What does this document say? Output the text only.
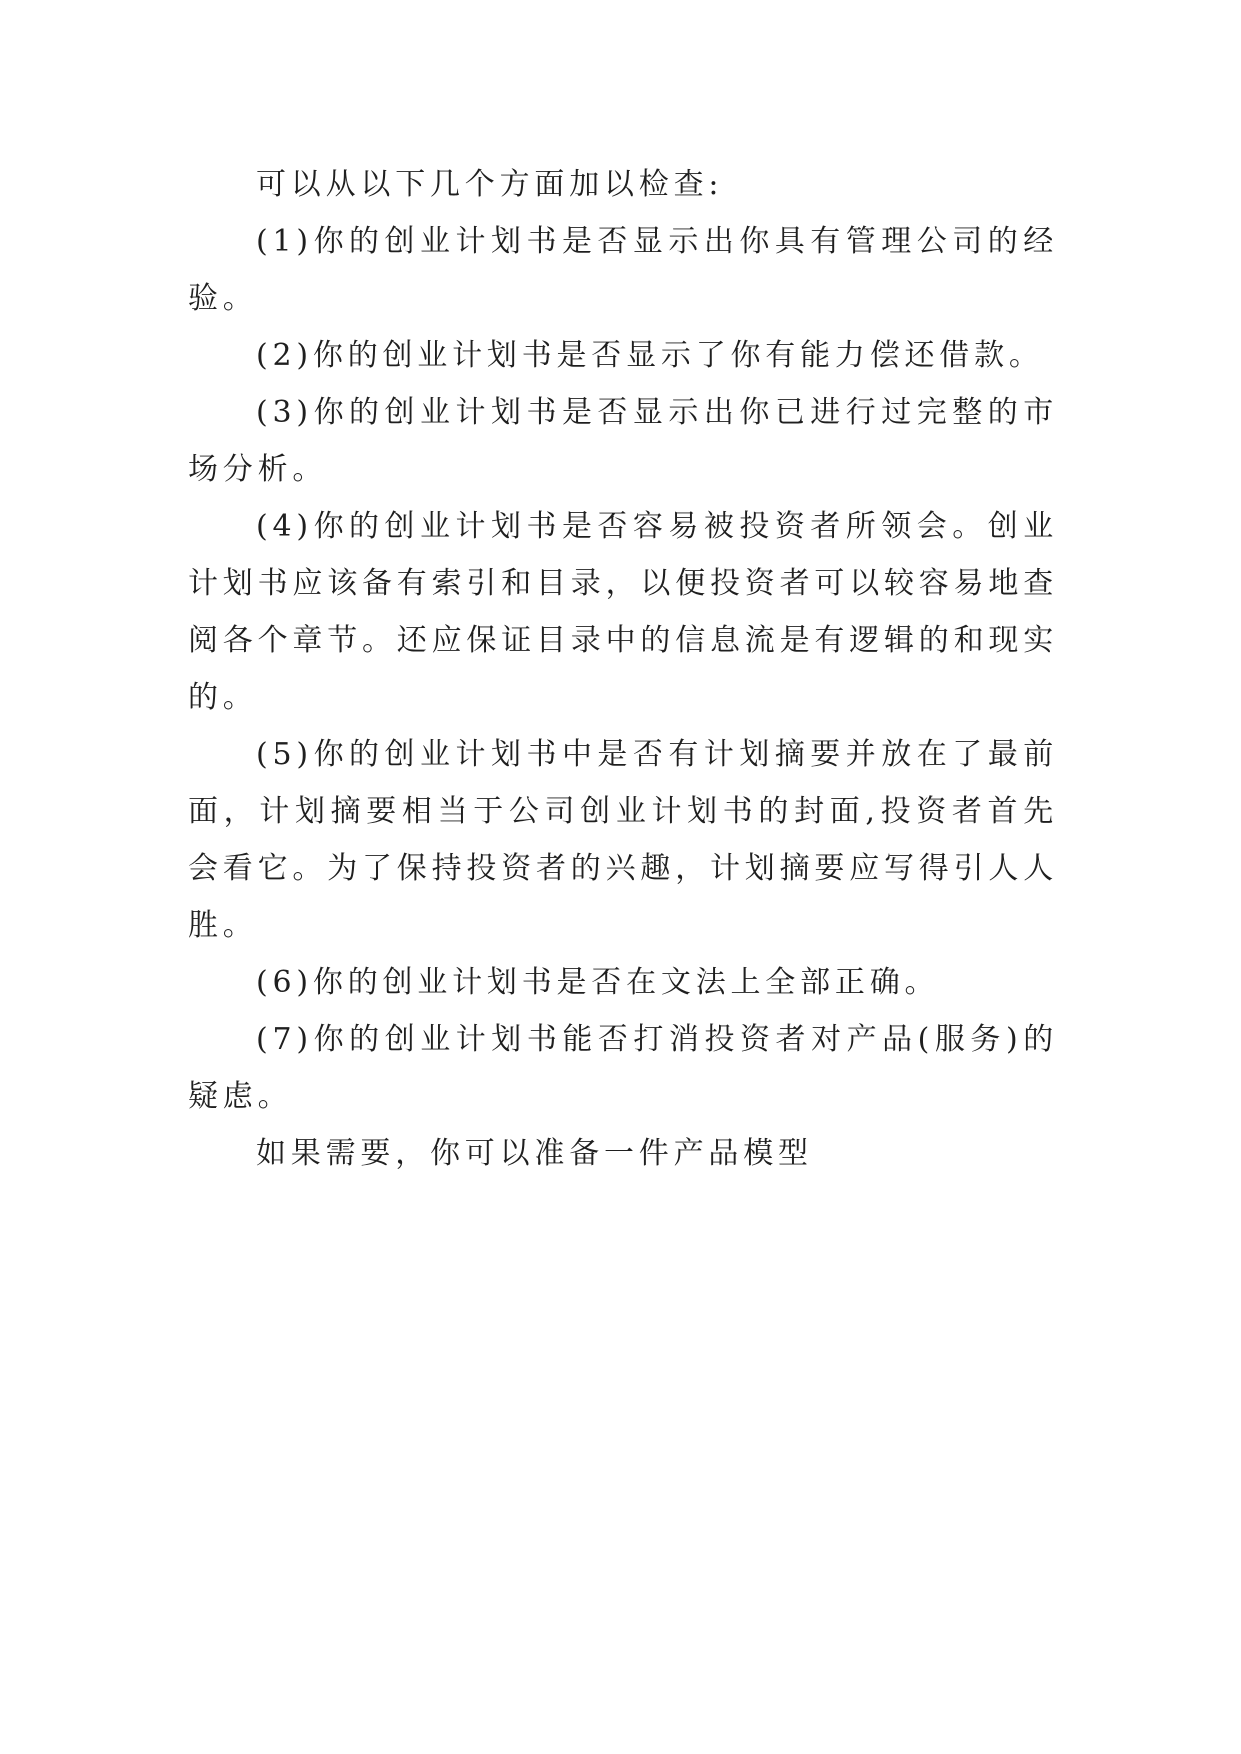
可以从以下几个方面加以检查:

(1)你的创业计划书是否显示出你具有管理公司的经验。

(2)你的创业计划书是否显示了你有能力偿还借款。

(3)你的创业计划书是否显示出你已进行过完整的市场分析。

(4)你的创业计划书是否容易被投资者所领会。创业计划书应该备有索引和目录，以便投资者可以较容易地查阅各个章节。还应保证目录中的信息流是有逻辑的和现实的。

(5)你的创业计划书中是否有计划摘要并放在了最前面，计划摘要相当于公司创业计划书的封面,投资者首先会看它。为了保持投资者的兴趣，计划摘要应写得引人人胜。

(6)你的创业计划书是否在文法上全部正确。

(7)你的创业计划书能否打消投资者对产品(服务)的疑虑。

如果需要，你可以准备一件产品模型
